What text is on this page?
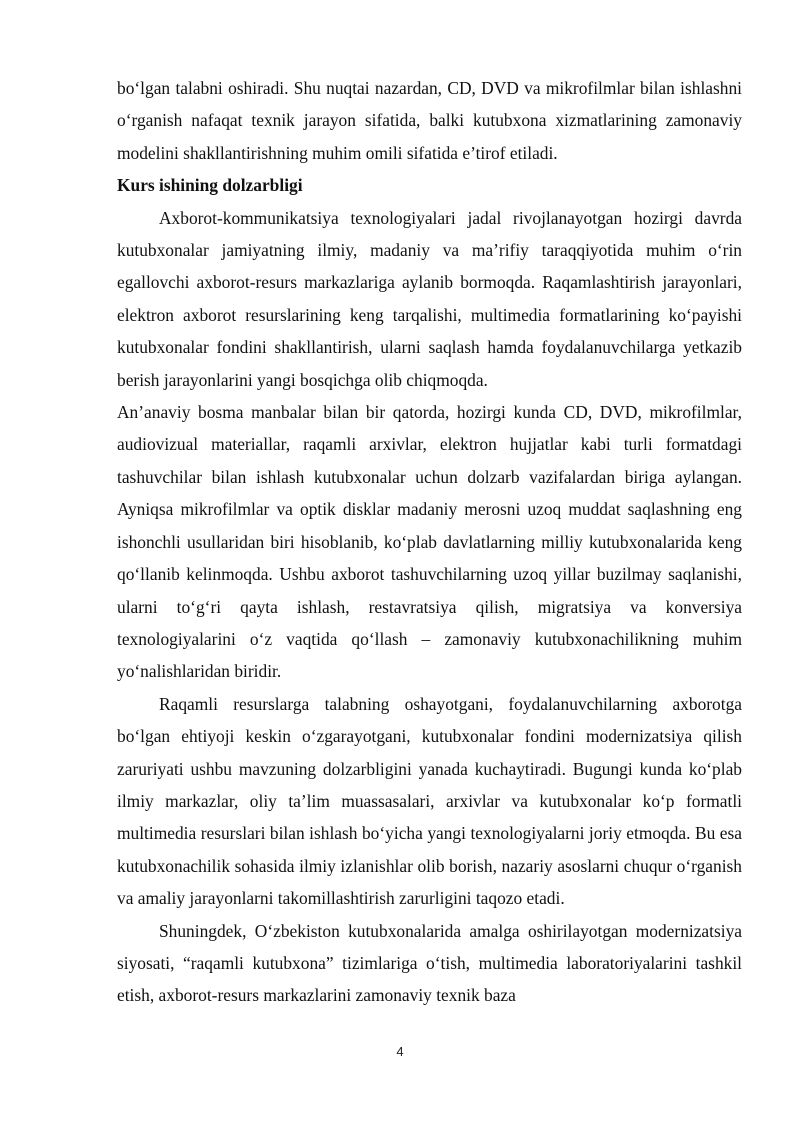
bo‘lgan talabni oshiradi. Shu nuqtai nazardan, CD, DVD va mikrofilmlar bilan ishlashni o‘rganish nafaqat texnik jarayon sifatida, balki kutubxona xizmatlarining zamonaviy modelini shakllantirishning muhim omili sifatida e’tirof etiladi.

Kurs ishining dolzarbligi

Axborot-kommunikatsiya texnologiyalari jadal rivojlanayotgan hozirgi davrda kutubxonalar jamiyatning ilmiy, madaniy va ma’rifiy taraqqiyotida muhim o‘rin egallovchi axborot-resurs markazlariga aylanib bormoqda. Raqamlashtirish jarayonlari, elektron axborot resurslarining keng tarqalishi, multimedia formatlarining ko‘payishi kutubxonalar fondini shakllantirish, ularni saqlash hamda foydalanuvchilarga yetkazib berish jarayonlarini yangi bosqichga olib chiqmoqda.

An’anaviy bosma manbalar bilan bir qatorda, hozirgi kunda CD, DVD, mikrofilmlar, audiovizual materiallar, raqamli arxivlar, elektron hujjatlar kabi turli formatdagi tashuvchilar bilan ishlash kutubxonalar uchun dolzarb vazifalardan biriga aylangan. Ayniqsa mikrofilmlar va optik disklar madaniy merosni uzoq muddat saqlashning eng ishonchli usullaridan biri hisoblanib, ko‘plab davlatlarning milliy kutubxonalarida keng qo‘llanib kelinmoqda. Ushbu axborot tashuvchilarning uzoq yillar buzilmay saqlanishi, ularni to‘g‘ri qayta ishlash, restavratsiya qilish, migratsiya va konversiya texnologiyalarini o‘z vaqtida qo‘llash – zamonaviy kutubxonachilikning muhim yo‘nalishlaridan biridir.

Raqamli resurslarga talabning oshayotgani, foydalanuvchilarning axborotga bo‘lgan ehtiyoji keskin o‘zgarayotgani, kutubxonalar fondini modernizatsiya qilish zaruriyati ushbu mavzuning dolzarbligini yanada kuchaytiradi. Bugungi kunda ko‘plab ilmiy markazlar, oliy ta’lim muassasalari, arxivlar va kutubxonalar ko‘p formatli multimedia resurslari bilan ishlash bo‘yicha yangi texnologiyalarni joriy etmoqda. Bu esa kutubxonachilik sohasida ilmiy izlanishlar olib borish, nazariy asoslarni chuqur o‘rganish va amaliy jarayonlarni takomillashtirish zarurligini taqozo etadi.

Shuningdek, O‘zbekiston kutubxonalarida amalga oshirilayotgan modernizatsiya siyosati, “raqamli kutubxona” tizimlariga o‘tish, multimedia laboratoriyalarini tashkil etish, axborot-resurs markazlarini zamonaviy texnik baza

4
